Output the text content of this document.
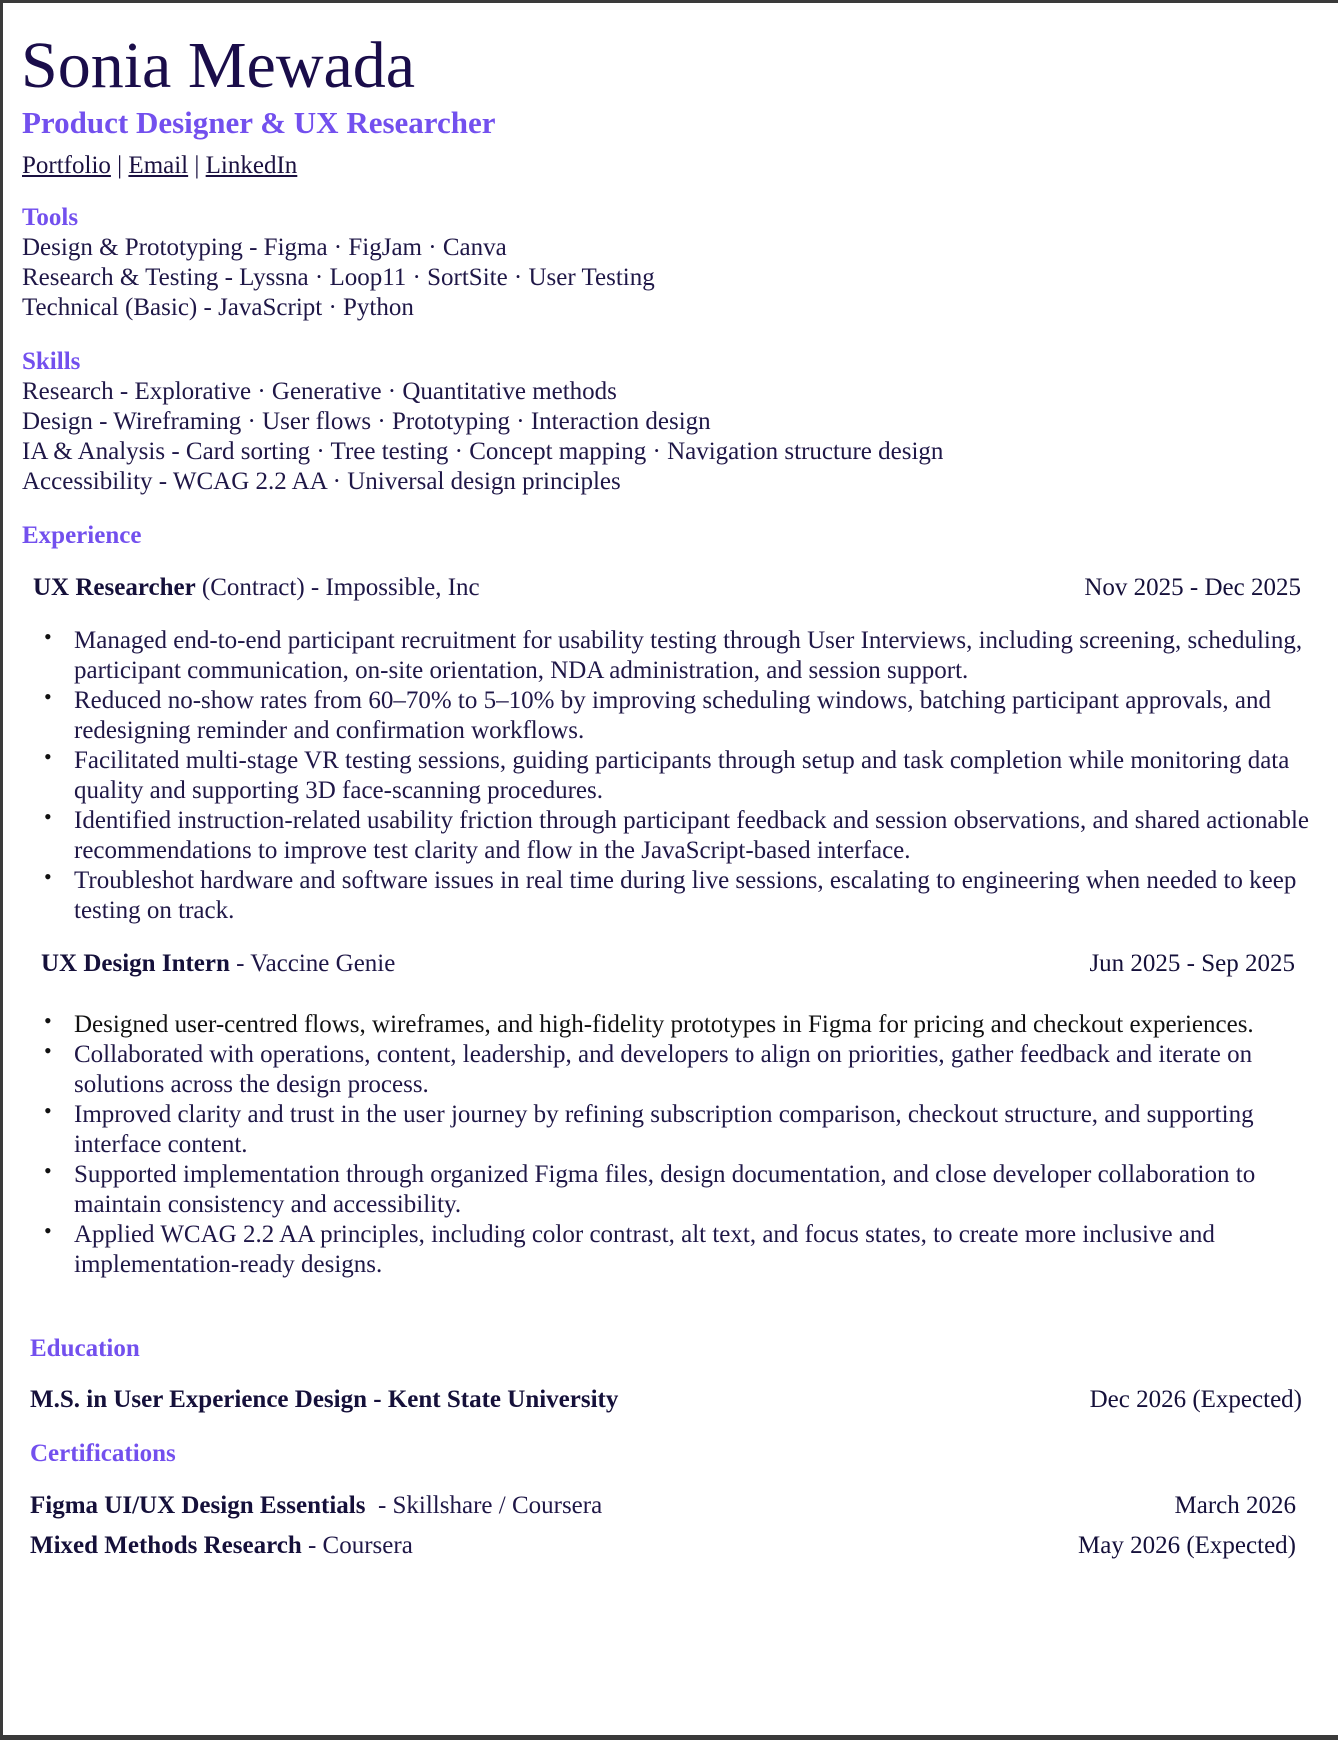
Sonia Mewada
Product Designer & UX Researcher
Portfolio | Email | LinkedIn
Tools
Design & Prototyping - Figma · FigJam · Canva
Research & Testing - Lyssna · Loop11 · SortSite · User Testing
Technical (Basic) - JavaScript · Python
Skills
Research - Explorative · Generative · Quantitative methods
Design - Wireframing · User flows · Prototyping · Interaction design
IA & Analysis - Card sorting · Tree testing · Concept mapping · Navigation structure design
Accessibility - WCAG 2.2 AA · Universal design principles
Experience
UX Researcher (Contract) - Impossible, Inc	Nov 2025 - Dec 2025
• Managed end-to-end participant recruitment for usability testing through User Interviews, including screening, scheduling, participant communication, on-site orientation, NDA administration, and session support.
• Reduced no-show rates from 60–70% to 5–10% by improving scheduling windows, batching participant approvals, and redesigning reminder and confirmation workflows.
• Facilitated multi-stage VR testing sessions, guiding participants through setup and task completion while monitoring data quality and supporting 3D face-scanning procedures.
• Identified instruction-related usability friction through participant feedback and session observations, and shared actionable recommendations to improve test clarity and flow in the JavaScript-based interface.
• Troubleshot hardware and software issues in real time during live sessions, escalating to engineering when needed to keep testing on track.
UX Design Intern - Vaccine Genie	Jun 2025 - Sep 2025
• Designed user-centred flows, wireframes, and high-fidelity prototypes in Figma for pricing and checkout experiences.
• Collaborated with operations, content, leadership, and developers to align on priorities, gather feedback and iterate on solutions across the design process.
• Improved clarity and trust in the user journey by refining subscription comparison, checkout structure, and supporting interface content.
• Supported implementation through organized Figma files, design documentation, and close developer collaboration to maintain consistency and accessibility.
• Applied WCAG 2.2 AA principles, including color contrast, alt text, and focus states, to create more inclusive and implementation-ready designs.
Education
M.S. in User Experience Design - Kent State University	Dec 2026 (Expected)
Certifications
Figma UI/UX Design Essentials  - Skillshare / Coursera	March 2026
Mixed Methods Research - Coursera	May 2026 (Expected)
